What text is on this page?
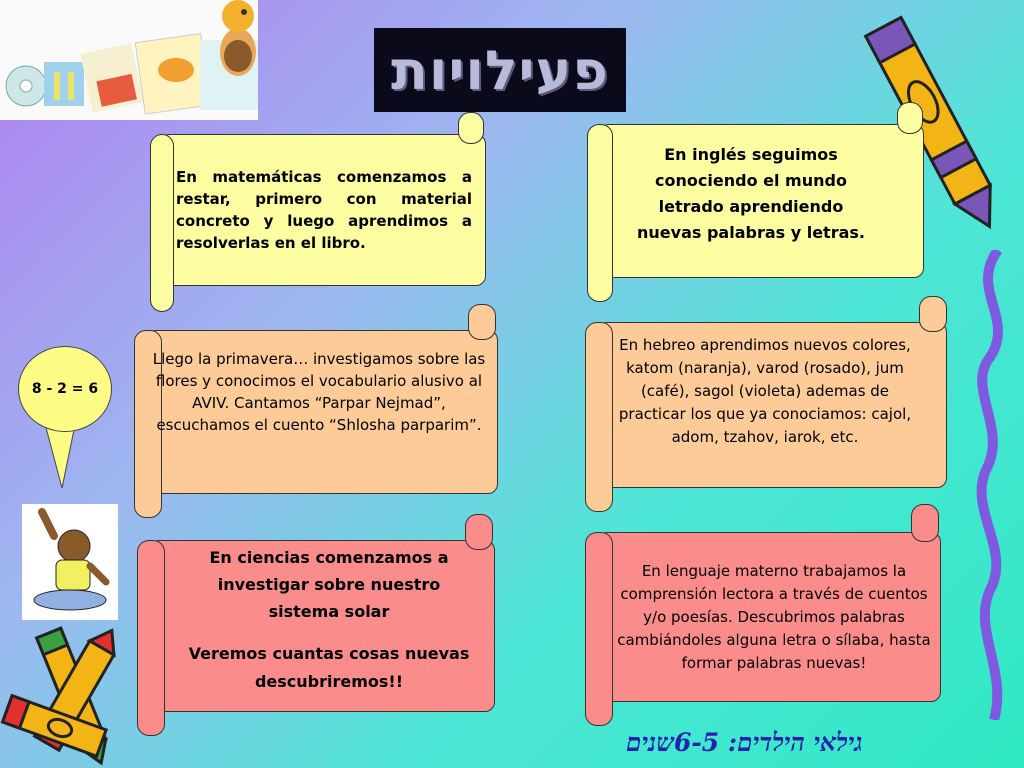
פעילויות
En matemáticas comenzamos a restar, primero con material concreto y luego aprendimos a resolverlas en el libro.
En inglés seguimos conociendo el mundo letrado aprendiendo nuevas palabras y letras.
Llego la primavera… investigamos sobre las flores y conocimos el vocabulario alusivo al AVIV. Cantamos “Parpar Nejmad”, escuchamos el cuento “Shlosha parparim”.
En hebreo aprendimos nuevos colores, katom (naranja), varod (rosado), jum (café), sagol (violeta) ademas de practicar los que ya conociamos: cajol, adom, tzahov, iarok, etc.
En ciencias comenzamos a investigar sobre nuestro sistema solar
Veremos cuantas cosas nuevas descubriremos!!
En lenguaje materno trabajamos la comprensión lectora a través de cuentos y/o poesías. Descubrimos palabras cambiándoles alguna letra o sílaba, hasta formar palabras nuevas!
8 - 2 = 6
גילאי הילדים: 6-5שנים
